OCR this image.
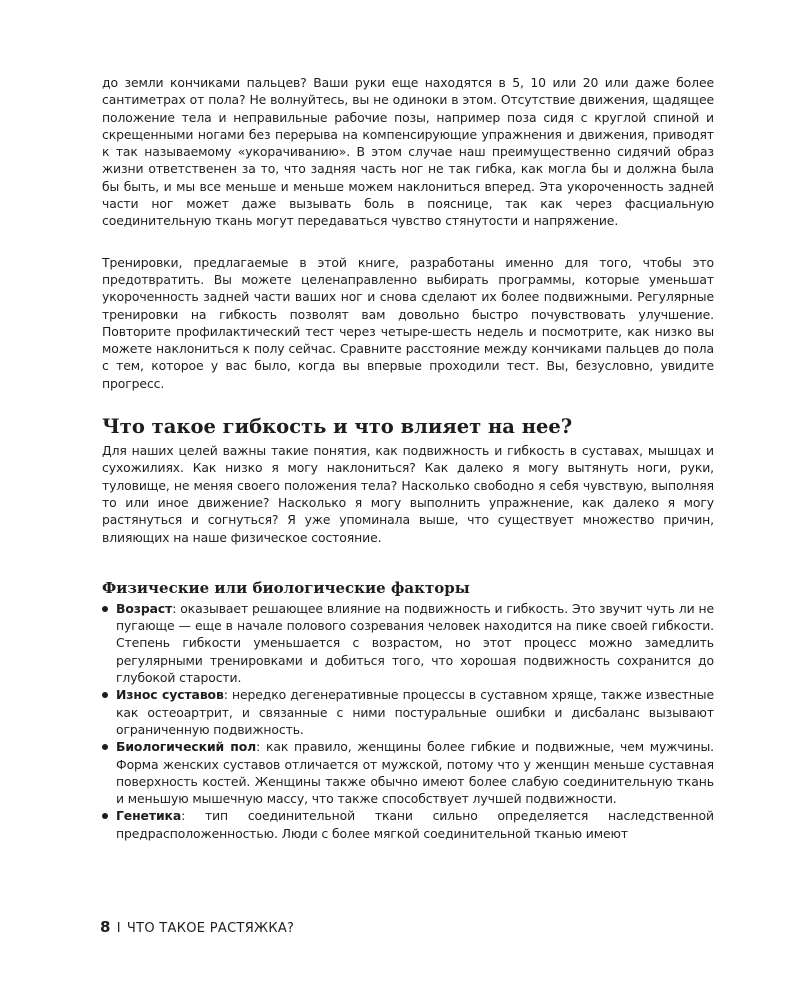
до земли кончиками пальцев? Ваши руки еще находятся в 5, 10 или 20 или даже более сантиметрах от пола? Не волнуйтесь, вы не одиноки в этом. Отсутствие движения, щадящее положение тела и неправильные рабочие позы, например поза сидя с круглой спиной и скрещенными ногами без перерыва на компенсирующие упражнения и движения, приводят к так называемому «укорачиванию». В этом случае наш преимущественно сидячий образ жизни ответственен за то, что задняя часть ног не так гибка, как могла бы и должна была бы быть, и мы все меньше и меньше можем наклониться вперед. Эта укороченность задней части ног может даже вызывать боль в пояснице, так как через фасциальную соединительную ткань могут передаваться чувство стянутости и напряжение.

Тренировки, предлагаемые в этой книге, разработаны именно для того, чтобы это предотвратить. Вы можете целенаправленно выбирать программы, которые уменьшат укороченность задней части ваших ног и снова сделают их более подвижными. Регулярные тренировки на гибкость позволят вам довольно быстро почувствовать улучшение. Повторите профилактический тест через четыре-шесть недель и посмотрите, как низко вы можете наклониться к полу сейчас. Сравните расстояние между кончиками пальцев до пола с тем, которое у вас было, когда вы впервые проходили тест. Вы, безусловно, увидите прогресс.

Что такое гибкость и что влияет на нее?

Для наших целей важны такие понятия, как подвижность и гибкость в суставах, мышцах и сухожилиях. Как низко я могу наклониться? Как далеко я могу вытянуть ноги, руки, туловище, не меняя своего положения тела? Насколько свободно я себя чувствую, выполняя то или иное движение? Насколько я могу выполнить упражнение, как далеко я могу растянуться и согнуться? Я уже упоминала выше, что существует множество причин, влияющих на наше физическое состояние.

Физические или биологические факторы
Возраст: оказывает решающее влияние на подвижность и гибкость. Это звучит чуть ли не пугающе — еще в начале полового созревания человек находится на пике своей гибкости. Степень гибкости уменьшается с возрастом, но этот процесс можно замедлить регулярными тренировками и добиться того, что хорошая подвижность сохранится до глубокой старости.
Износ суставов: нередко дегенеративные процессы в суставном хряще, также известные как остеоартрит, и связанные с ними постуральные ошибки и дисбаланс вызывают ограниченную подвижность.
Биологический пол: как правило, женщины более гибкие и подвижные, чем мужчины. Форма женских суставов отличается от мужской, потому что у женщин меньше суставная поверхность костей. Женщины также обычно имеют более слабую соединительную ткань и меньшую мышечную массу, что также способствует лучшей подвижности.
Генетика: тип соединительной ткани сильно определяется наследственной предрасположенностью. Люди с более мягкой соединительной тканью имеют
8 I ЧТО ТАКОЕ РАСТЯЖКА?
